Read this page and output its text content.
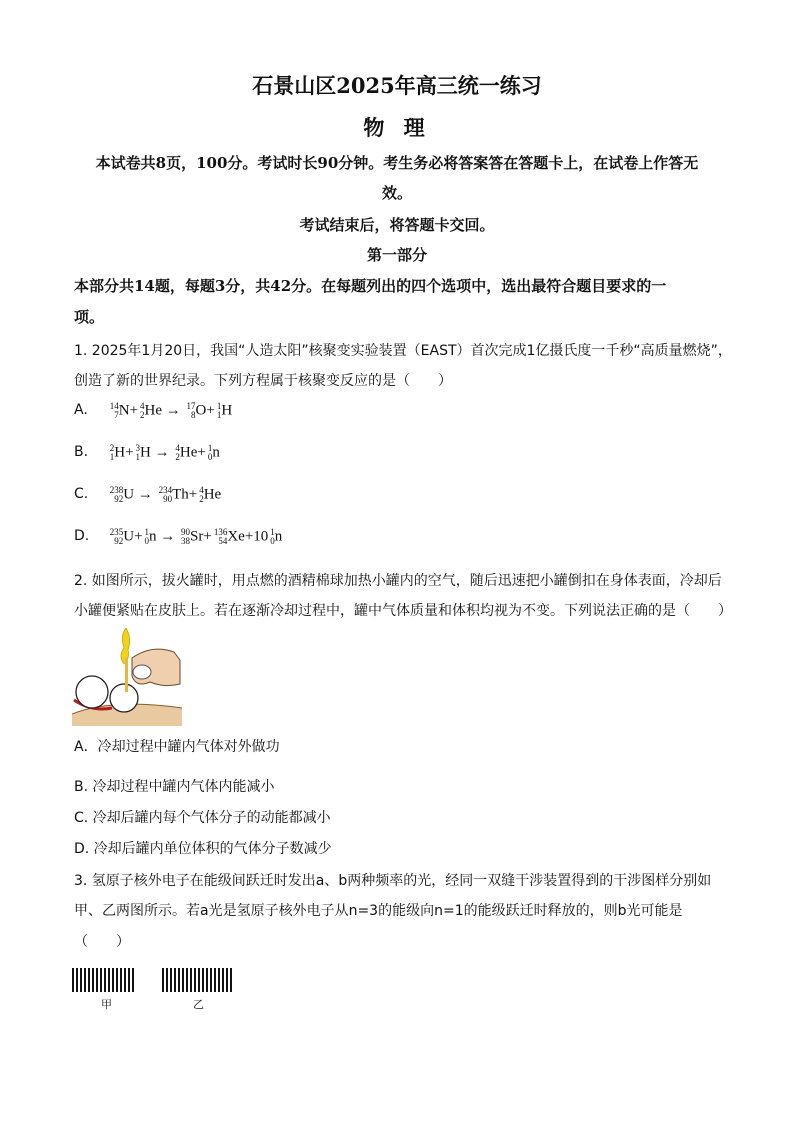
石景山区2025年高三统一练习
物 理
本试卷共8页，100分。考试时长90分钟。考生务必将答案答在答题卡上，在试卷上作答无
效。
考试结束后，将答题卡交回。
第一部分
本部分共14题，每题3分，共42分。在每题列出的四个选项中，选出最符合题目要求的一
项。
1. 2025年1月20日，我国“人造太阳”核聚变实验装置（EAST）首次完成1亿摄氏度一千秒“高质量燃烧”，
创造了新的世界纪录。下列方程属于核聚变反应的是（　　）
A. 14
7 N+ 4
2 He → 17
8 O+ 1
1 H
B. 2
1 H+ 3
1 H → 4
2 He+ 1
0 n
C. 238
92 U → 234
90 Th+ 4
2 He
D. 235
92 U+ 1
0 n → 90
38 Sr+ 136
54 Xe+10 1
0 n
2. 如图所示，拔火罐时，用点燃的酒精棉球加热小罐内的空气，随后迅速把小罐倒扣在身体表面，冷却后
小罐便紧贴在皮肤上。若在逐渐冷却过程中，罐中气体质量和体积均视为不变。下列说法正确的是（　　）
A．冷却过程中罐内气体对外做功
B. 冷却过程中罐内气体内能减小
C. 冷却后罐内每个气体分子的动能都减小
D. 冷却后罐内单位体积的气体分子数减少
3. 氢原子核外电子在能级间跃迁时发出a、b两种频率的光，经同一双缝干涉装置得到的干涉图样分别如
甲、乙两图所示。若a光是氢原子核外电子从n=3的能级向n=1的能级跃迁时释放的，则b光可能是
（　　）
甲	乙
